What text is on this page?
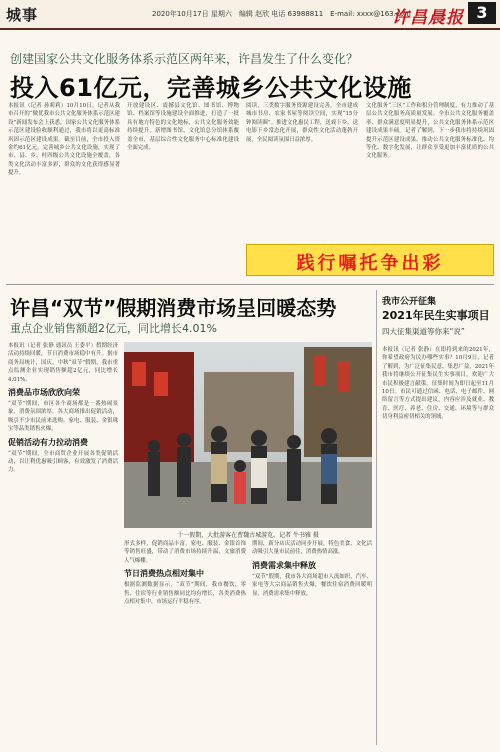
城事	2020年10月17日 星期六　编辑 赵欣 电话 63988811　E-mail: xxxx@163.com
许昌晨报 3
创建国家公共文化服务体系示范区两年来，许昌发生了什么变化？
投入61亿元，完善城乡公共文化设施
本报讯（记者 孙莉莉）10月10日，记者从我市召开的“做优我市公共文化服务体系示范区建设”新闻发布会上获悉，国家公共文化服务体系示范区建设验收顺利通过，我市将以更高标准巩固示范区建设成果。截至目前，全市投入资金约61亿元，完善城乡公共文化设施，实现了市、县、乡、村四级公共文化设施全覆盖，各类文化活动丰富多彩，群众的文化获得感显著提升。
开放建设区、震撼县文化馆、图书馆、博物馆、档案馆等设施建设全面推进，打造了一批具有地方特色的文化地标，公共文化服务效能持续提升。新增图书馆、文化馆总分馆体系覆盖全市，基层综合性文化服务中心标准化建设全面完成。
阅读，三类数字服务资源建设完善。全市建成城市书房、农家书屋等阅读空间，实现“15分钟阅读圈”。推进文化惠民工程，送戏下乡、送电影下乡常态化开展，群众性文化活动蓬勃开展，全民阅读氛围日益浓厚。
文化服务“三区”工作和积分管理制度，有力推动了基层公共文化服务高质量发展。全市公共文化服务覆盖率、群众满意度明显提升，公共文化服务体系示范区建设成果丰硕。记者了解到，下一步我市将持续巩固提升示范区建设成果，推动公共文化服务标准化、均等化、数字化发展，让群众享受更加丰富优质的公共文化服务。
践行嘱托争出彩
许昌“双节”假期消费市场呈回暖态势
重点企业销售额超2亿元，同比增长4.01%
本报讯（记者 张静 通讯员 王委平）假期经济活动持续回暖，节日消费市场稳中有升。据市商务局统计，国庆、中秋“双节”假期，我市重点监测企业实现销售额超2亿元，同比增长4.01%。
消费品市场欣欣向荣
“双节”期间，市区各个商场都是一番热闹景象，消费氛围浓厚。各大商场推出促销活动，吸引不少市民前来选购。家电、服装、金银珠宝等品类销售火爆。
促销活动有力拉动消费
“双节”期间，全市商贸企业开展各类促销活动，以让利优惠吸引顾客，有效激发了消费活力。
十一假期，大批游客在曹魏古城游览。记者 牛书雅 摄
形式多样，促销商品丰富，家电、服装、金银首饰等销售旺盛，带动了消费市场持续升温，文旅消费人气爆棚。
节日消费热点相对集中
根据监测数据显示，“双节”期间，我市餐饮、零售、住宿等行业销售额同比均有增长，各类消费热点相对集中，市场运行平稳有序。
期间，新分店庆活动同步开展，特色美食、文化活动吸引大量市民前往，消费热情高涨。
消费需求集中释放
“双节”假期，我市各大商场超市人流如织，汽车、家电等大宗商品销售火爆，餐饮住宿消费回暖明显，消费需求集中释放。
我市公开征集
2021年民生实事项目
四大征集渠道等你来“说”
本报讯（记者 张静）在即将到来的2021年，你希望政府为民办哪些实事？10月9日，记者了解到，为广泛征集民意，集思广益，2021年我市将继续公开征集民生实事项目，欢迎广大市民积极建言献策。征集时间为即日起至11月10日。市民可通过信函、电话、电子邮件、网络留言等方式提出建议，内容应涉及就业、教育、医疗、养老、住房、交通、环境等与群众切身利益密切相关的领域。
